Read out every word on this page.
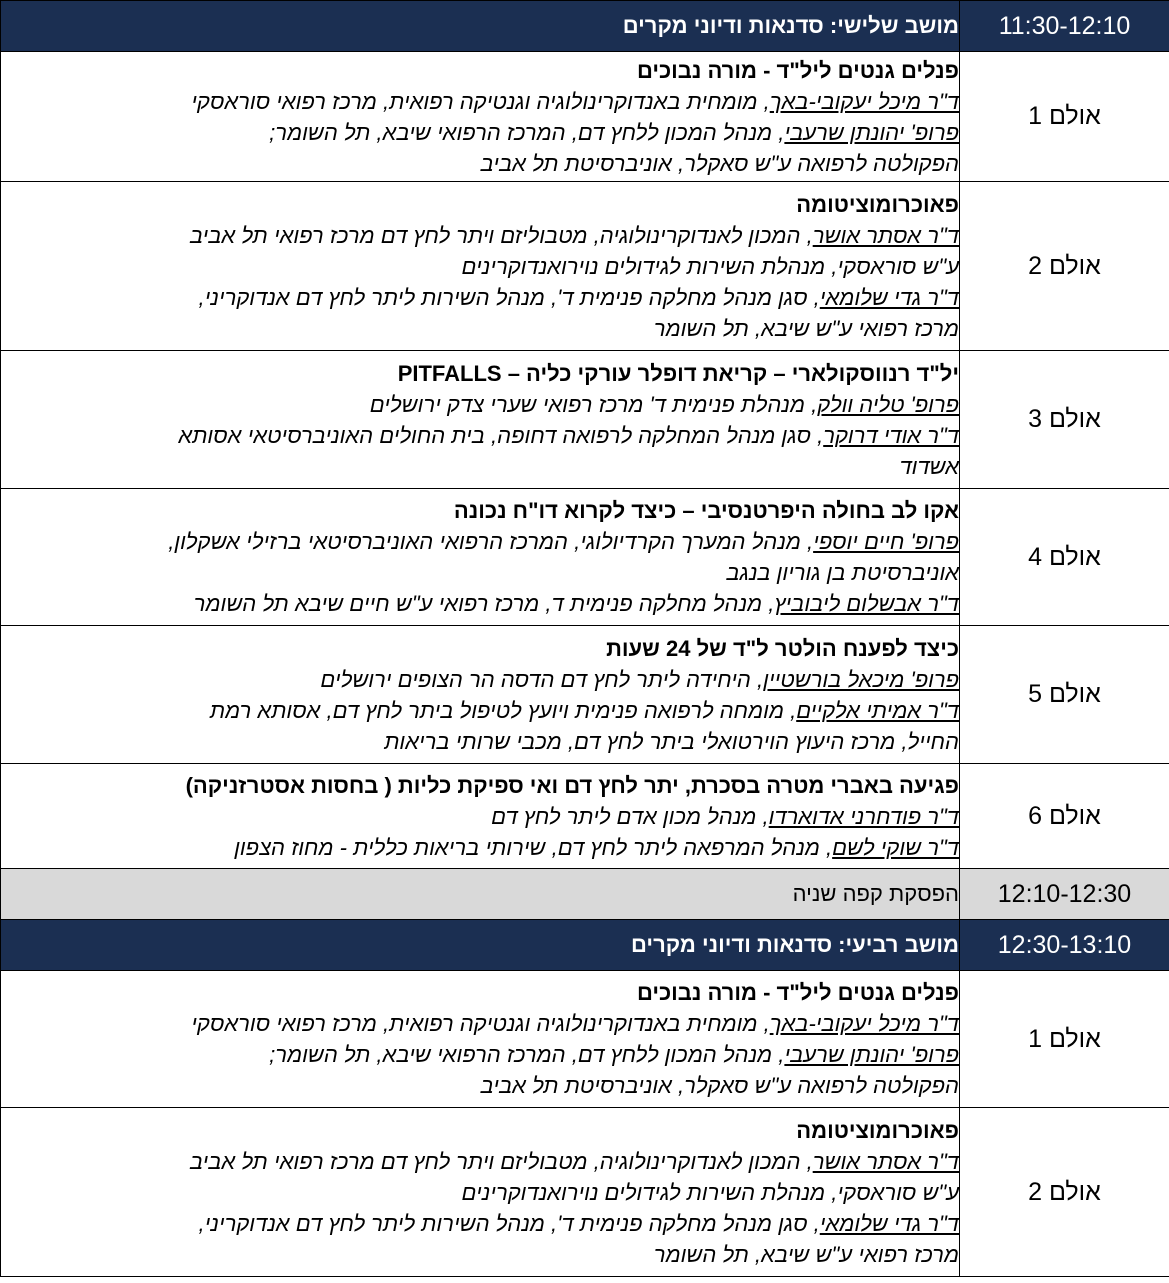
11:30-12:10	מושב שלישי: סדנאות ודיוני מקרים
אולם 1	פנלים גנטים ליל"ד - מורה נבוכים
ד"ר מיכל יעקובי-באך, מומחית באנדוקרינולוגיה וגנטיקה רפואית, מרכז רפואי סוראסקי
פרופ' יהונתן שרעבי, מנהל המכון ללחץ דם, המרכז הרפואי שיבא, תל השומר;
הפקולטה לרפואה ע"ש סאקלר, אוניברסיטת תל אביב

אולם 2	פאוכרומוציטומה
ד"ר אסתר אושר, המכון לאנדוקרינולוגיה, מטבוליזם ויתר לחץ דם מרכז רפואי תל אביב
ע"ש סוראסקי, מנהלת השירות לגידולים נוירואנדוקרינים
ד"ר גדי שלומאי, סגן מנהל מחלקה פנימית ד', מנהל השירות ליתר לחץ דם אנדוקריני,
מרכז רפואי ע"ש שיבא, תל השומר

אולם 3	יל"ד רנווסקולארי – קריאת דופלר עורקי כליה – PITFALLS
פרופ' טליה וולק, מנהלת פנימית ד' מרכז רפואי שערי צדק ירושלים
ד"ר אודי דרוקר, סגן מנהל המחלקה לרפואה דחופה, בית החולים האוניברסיטאי אסותא
אשדוד

אולם 4	אקו לב בחולה היפרטנסיבי – כיצד לקרוא דו"ח נכונה
פרופ' חיים יוספי, מנהל המערך הקרדיולוגי, המרכז הרפואי האוניברסיטאי ברזילי אשקלון,
אוניברסיטת בן גוריון בנגב
ד"ר אבשלום ליבוביץ, מנהל מחלקה פנימית ד, מרכז רפואי ע"ש חיים שיבא תל השומר

אולם 5	כיצד לפענח הולטר ל"ד של 24 שעות
פרופ' מיכאל בורשטיין, היחידה ליתר לחץ דם הדסה הר הצופים ירושלים
ד"ר אמיתי אלקיים, מומחה לרפואה פנימית ויועץ לטיפול ביתר לחץ דם, אסותא רמת
החייל, מרכז היעוץ הוירטואלי ביתר לחץ דם, מכבי שרותי בריאות

אולם 6	פגיעה באברי מטרה בסכרת, יתר לחץ דם ואי ספיקת כליות ( בחסות אסטרזניקה)
ד"ר פודחרני אדוארדו, מנהל מכון אדם ליתר לחץ דם
ד"ר שוקי לשם, מנהל המרפאה ליתר לחץ דם, שירותי בריאות כללית - מחוז הצפון

12:10-12:30	הפסקת קפה שניה
12:30-13:10	מושב רביעי: סדנאות ודיוני מקרים
אולם 1	פנלים גנטים ליל"ד - מורה נבוכים
ד"ר מיכל יעקובי-באך, מומחית באנדוקרינולוגיה וגנטיקה רפואית, מרכז רפואי סוראסקי
פרופ' יהונתן שרעבי, מנהל המכון ללחץ דם, המרכז הרפואי שיבא, תל השומר;
הפקולטה לרפואה ע"ש סאקלר, אוניברסיטת תל אביב

אולם 2	פאוכרומוציטומה
ד"ר אסתר אושר, המכון לאנדוקרינולוגיה, מטבוליזם ויתר לחץ דם מרכז רפואי תל אביב
ע"ש סוראסקי, מנהלת השירות לגידולים נוירואנדוקרינים
ד"ר גדי שלומאי, סגן מנהל מחלקה פנימית ד', מנהל השירות ליתר לחץ דם אנדוקריני,
מרכז רפואי ע"ש שיבא, תל השומר
